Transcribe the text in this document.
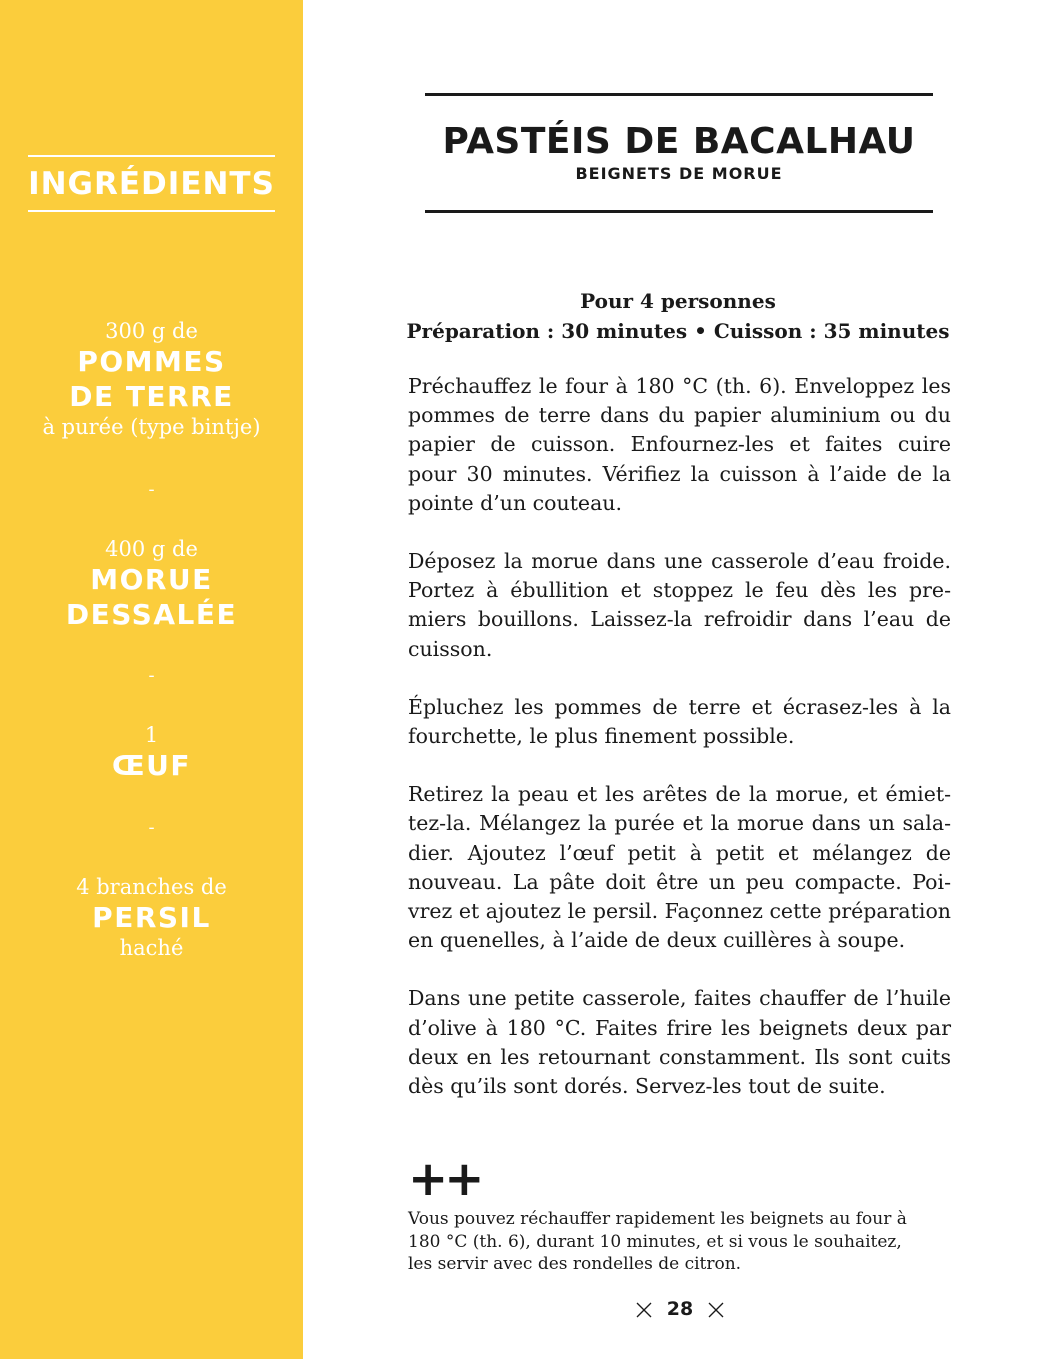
INGRÉDIENTS
300 g de
POMMES
DE TERRE
à purée (type bintje)
-
400 g de
MORUE
DESSALÉE
-
1
ŒUF
-
4 branches de
PERSIL
haché
PASTÉIS DE BACALHAU
BEIGNETS DE MORUE
Pour 4 personnes
Préparation : 30 minutes • Cuisson : 35 minutes

Préchauffez le four à 180 °C (th. 6). Enveloppez les pommes de terre dans du papier aluminium ou du papier de cuisson. Enfournez-les et faites cuire pour 30 minutes. Vérifiez la cuisson à l’aide de la pointe d’un couteau.

Déposez la morue dans une casserole d’eau froide. Portez à ébullition et stoppez le feu dès les premiers bouillons. Laissez-la refroidir dans l’eau de cuisson.

Épluchez les pommes de terre et écrasez-les à la fourchette, le plus finement possible.

Retirez la peau et les arêtes de la morue, et émiettez-la. Mélangez la purée et la morue dans un saladier. Ajoutez l’œuf petit à petit et mélangez de nouveau. La pâte doit être un peu compacte. Poivrez et ajoutez le persil. Façonnez cette préparation en quenelles, à l’aide de deux cuillères à soupe.

Dans une petite casserole, faites chauffer de l’huile d’olive à 180 °C. Faites frire les beignets deux par deux en les retournant constamment. Ils sont cuits dès qu’ils sont dorés. Servez-les tout de suite.

++
Vous pouvez réchauffer rapidement les beignets au four à 180 °C (th. 6), durant 10 minutes, et si vous le souhaitez, les servir avec des rondelles de citron.
28
